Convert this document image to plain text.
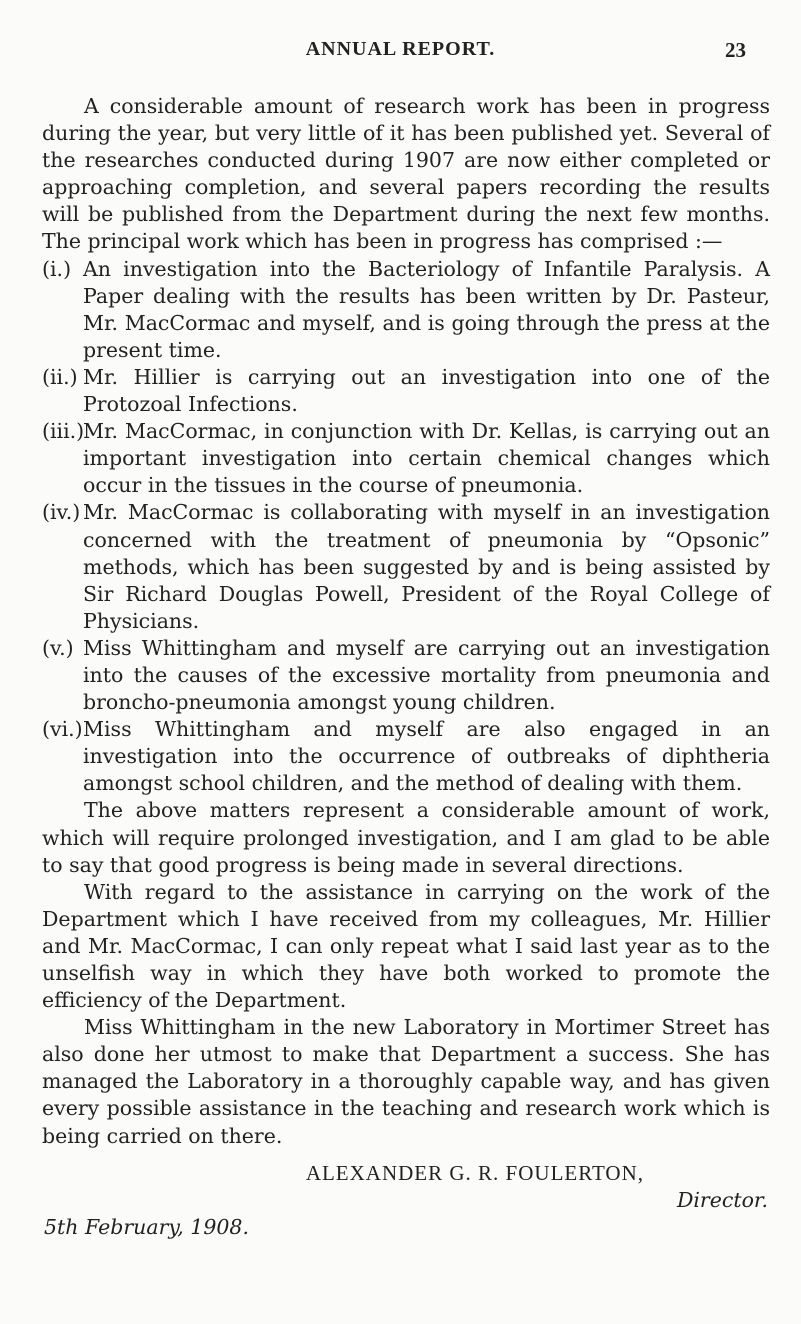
ANNUAL REPORT.	23

A considerable amount of research work has been in progress during the year, but very little of it has been published yet. Several of the researches conducted during 1907 are now either completed or approaching completion, and several papers recording the results will be published from the Department during the next few months. The principal work which has been in progress has comprised :—

(i.) An investigation into the Bacteriology of Infantile Paralysis. A Paper dealing with the results has been written by Dr. Pasteur, Mr. MacCormac and myself, and is going through the press at the present time.
(ii.) Mr. Hillier is carrying out an investigation into one of the Protozoal Infections.
(iii.)
Mr. MacCormac, in conjunction with Dr. Kellas, is carrying out an important investigation into certain chemical changes which occur in the tissues in the course of pneumonia.
(iv.) Mr. MacCormac is collaborating with myself in an investigation concerned with the treatment of pneumonia by “Opsonic” methods, which has been suggested by and is being assisted by Sir Richard Douglas Powell, President of the Royal College of Physicians.
(v.) Miss Whittingham and myself are carrying out an investigation into the causes of the excessive mortality from pneumonia and broncho-pneumonia amongst young children.
(vi.) Miss Whittingham and myself are also engaged in an investigation into the occurrence of outbreaks of diphtheria amongst school children, and the method of dealing with them.

The above matters represent a considerable amount of work, which will require prolonged investigation, and I am glad to be able to say that good progress is being made in several directions.

With regard to the assistance in carrying on the work of the Department which I have received from my colleagues, Mr. Hillier and Mr. MacCormac, I can only repeat what I said last year as to the unselfish way in which they have both worked to promote the efficiency of the Department.

Miss Whittingham in the new Laboratory in Mortimer Street has also done her utmost to make that Department a success. She has managed the Laboratory in a thoroughly capable way, and has given every possible assistance in the teaching and research work which is being carried on there.

ALEXANDER G. R. FOULERTON,
Director.
5th February, 1908.
